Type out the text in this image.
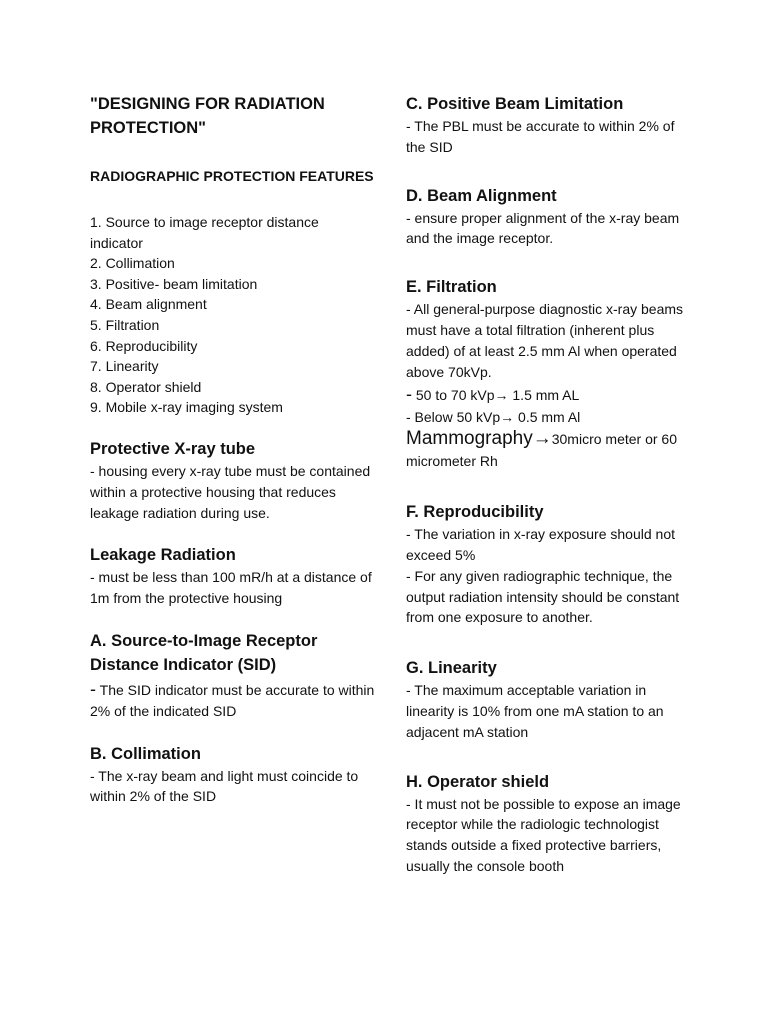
"DESIGNING FOR RADIATION PROTECTION"
RADIOGRAPHIC PROTECTION FEATURES
1. Source to image receptor distance indicator
2. Collimation
3. Positive- beam limitation
4. Beam alignment
5. Filtration
6. Reproducibility
7. Linearity
8. Operator shield
9. Mobile x-ray imaging system
Protective X-ray tube

- housing every x-ray tube must be contained within a protective housing that reduces leakage radiation during use.

Leakage Radiation

- must be less than 100 mR/h at a distance of 1m from the protective housing

A. Source-to-Image Receptor Distance Indicator (SID)

- The SID indicator must be accurate to within 2% of the indicated SID

B. Collimation

- The x-ray beam and light must coincide to within 2% of the SID

C. Positive Beam Limitation

- The PBL must be accurate to within 2% of the SID

D. Beam Alignment

- ensure proper alignment of the x-ray beam and the image receptor.

E. Filtration

- All general-purpose diagnostic x-ray beams must have a total filtration (inherent plus added) of at least 2.5 mm Al when operated above 70kVp.

- 50 to 70 kVp→ 1.5 mm AL

- Below 50 kVp→ 0.5 mm Al

Mammography→30micro meter or 60 micrometer Rh

F. Reproducibility

- The variation in x-ray exposure should not exceed 5%

- For any given radiographic technique, the output radiation intensity should be constant from one exposure to another.

G. Linearity

- The maximum acceptable variation in linearity is 10% from one mA station to an adjacent mA station

H. Operator shield

- It must not be possible to expose an image receptor while the radiologic technologist stands outside a fixed protective barriers, usually the console booth
